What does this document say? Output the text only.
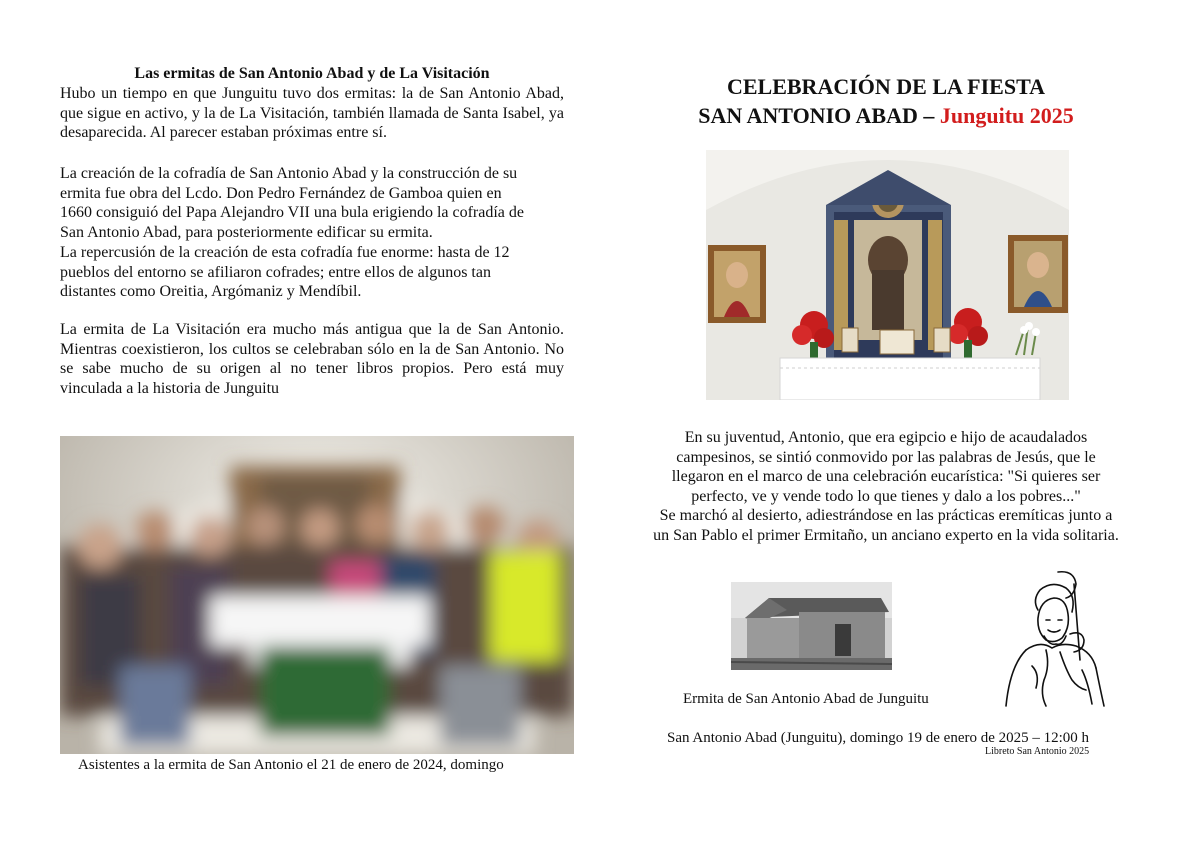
Las ermitas de San Antonio Abad y de La Visitación
Hubo un tiempo en que Junguitu tuvo dos ermitas: la de San Antonio Abad, que sigue en activo, y la de La Visitación, también llamada de Santa Isabel, ya desaparecida. Al parecer estaban próximas entre sí.
La creación de la cofradía de San Antonio Abad y la construcción de su
ermita fue obra del Lcdo. Don Pedro Fernández de Gamboa quien en
1660 consiguió del Papa Alejandro VII una bula erigiendo la cofradía de
San Antonio Abad, para posteriormente edificar su ermita.
La repercusión de la creación de esta cofradía fue enorme: hasta de 12
pueblos del entorno se afiliaron cofrades; entre ellos de algunos tan
distantes como Oreitia, Argómaniz y Mendíbil.
La ermita de La Visitación era mucho más antigua que la de San Antonio. Mientras coexistieron, los cultos se celebraban sólo en la de San Antonio. No se sabe mucho de su origen al no tener libros propios. Pero está muy vinculada a la historia de Junguitu
Asistentes a la ermita de San Antonio el 21 de enero de 2024, domingo
CELEBRACIÓN DE LA FIESTA
SAN ANTONIO ABAD – Junguitu 2025
En su juventud, Antonio, que era egipcio e hijo de acaudalados
campesinos, se sintió conmovido por las palabras de Jesús, que le
llegaron en el marco de una celebración eucarística: "Si quieres ser
perfecto, ve y vende todo lo que tienes y dalo a los pobres..."
Se marchó al desierto, adiestrándose en las prácticas eremíticas junto a
un San Pablo el primer Ermitaño, un anciano experto en la vida solitaria.
Ermita de San Antonio Abad de Junguitu
San Antonio Abad (Junguitu), domingo 19 de enero de 2025 – 12:00 h
Libreto San Antonio 2025
